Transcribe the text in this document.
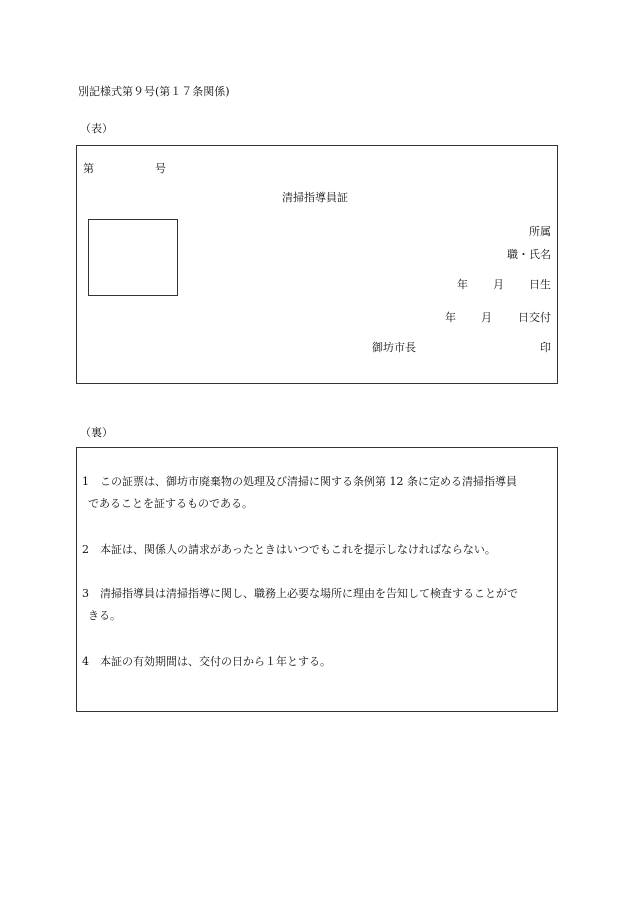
別記様式第９号(第１７条関係)
（表）
第	号
清掃指導員証
所属
職・氏名
年 月 日生
年 月 日交付
御坊市長	印
（裏）
1 この証票は、御坊市廃棄物の処理及び清掃に関する条例第 12 条に定める清掃指導員
であることを証するものである。
2 本証は、関係人の請求があったときはいつでもこれを提示しなければならない。
3 清掃指導員は清掃指導に関し、職務上必要な場所に理由を告知して検査することがで
きる。
4 本証の有効期間は、交付の日から１年とする。
